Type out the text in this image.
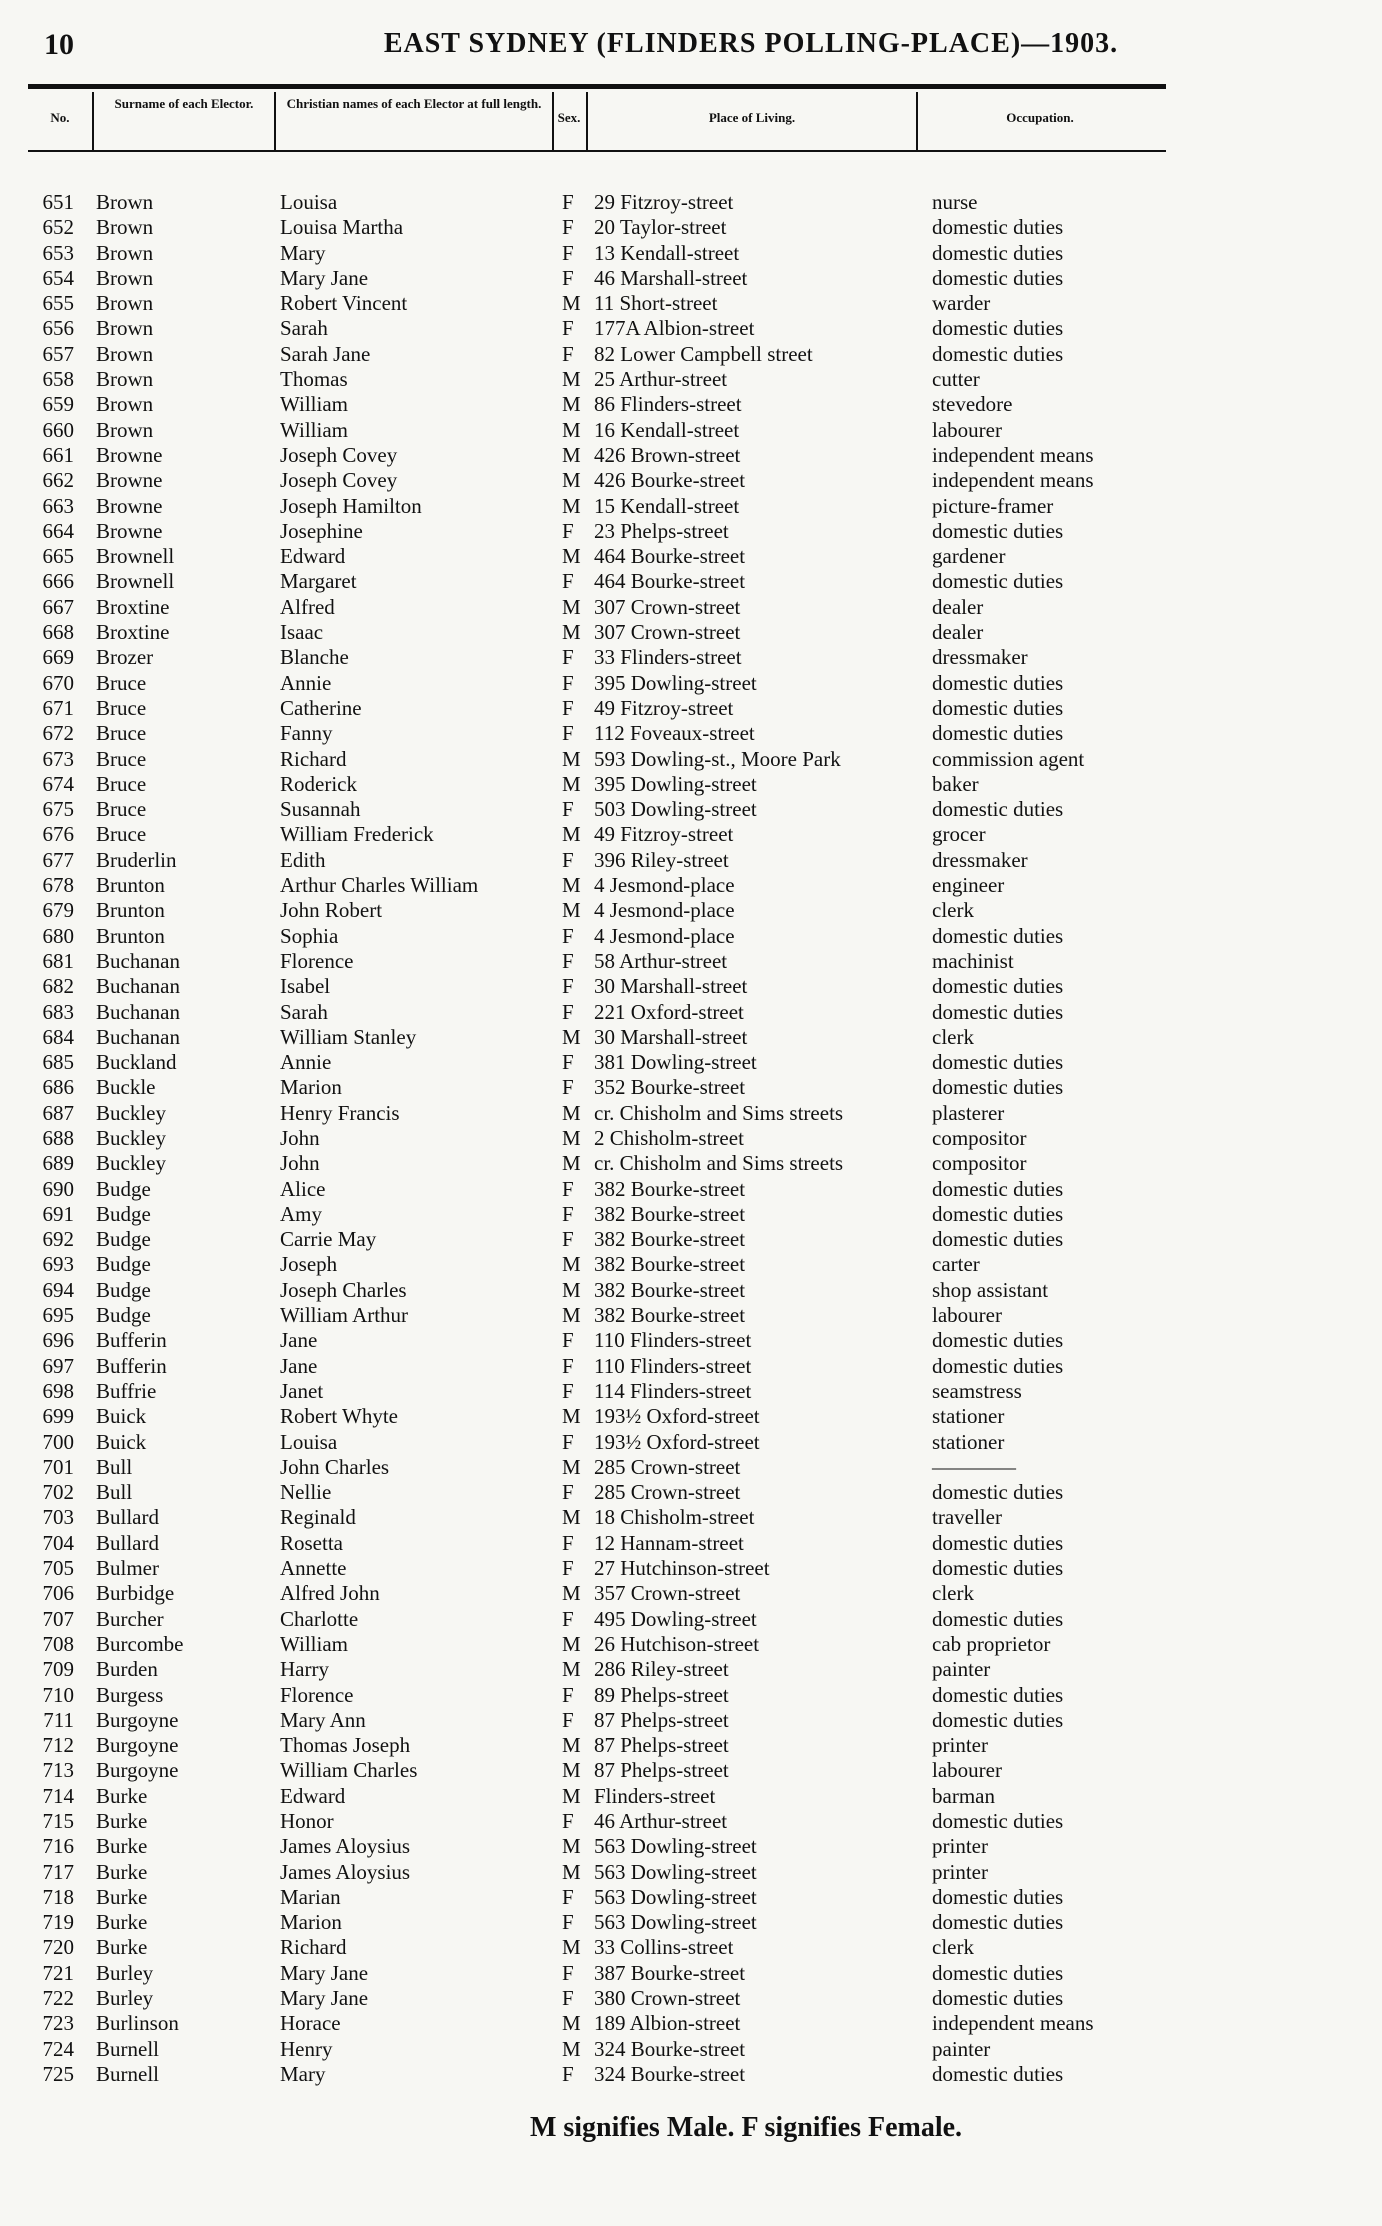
10	EAST SYDNEY (FLINDERS POLLING-PLACE)—1903.
No.
Surname of each Elector.	Christian names of each Elector at full length.
Sex.	Place of Living.	Occupation.
651 Brown	Louisa	F 29 Fitzroy-street	nurse
652 Brown	Louisa Martha	F 20 Taylor-street	domestic duties
653 Brown	Mary	F 13 Kendall-street	domestic duties
654 Brown	Mary Jane	F 46 Marshall-street	domestic duties
655 Brown	Robert Vincent	M 11 Short-street	warder
656 Brown	Sarah	F 177A Albion-street	domestic duties
657 Brown	Sarah Jane	F 82 Lower Campbell street	domestic duties
658 Brown	Thomas	M 25 Arthur-street	cutter
659 Brown	William	M 86 Flinders-street	stevedore
660 Brown	William	M 16 Kendall-street	labourer
661 Browne	Joseph Covey	M 426 Brown-street	independent means
662 Browne	Joseph Covey	M 426 Bourke-street	independent means
663 Browne	Joseph Hamilton	M 15 Kendall-street	picture-framer
664 Browne	Josephine	F 23 Phelps-street	domestic duties
665 Brownell	Edward	M 464 Bourke-street	gardener
666 Brownell	Margaret	F 464 Bourke-street	domestic duties
667 Broxtine	Alfred	M 307 Crown-street	dealer
668 Broxtine	Isaac	M 307 Crown-street	dealer
669 Brozer	Blanche	F 33 Flinders-street	dressmaker
670 Bruce	Annie	F 395 Dowling-street	domestic duties
671 Bruce	Catherine	F 49 Fitzroy-street	domestic duties
672 Bruce	Fanny	F 112 Foveaux-street	domestic duties
673 Bruce	Richard	M 593 Dowling-st., Moore Park	commission agent
674 Bruce	Roderick	M 395 Dowling-street	baker
675 Bruce	Susannah	F 503 Dowling-street	domestic duties
676 Bruce	William Frederick	M 49 Fitzroy-street	grocer
677 Bruderlin	Edith	F 396 Riley-street	dressmaker
678 Brunton	Arthur Charles William	M 4 Jesmond-place	engineer
679 Brunton	John Robert	M 4 Jesmond-place	clerk
680 Brunton	Sophia	F 4 Jesmond-place	domestic duties
681 Buchanan	Florence	F 58 Arthur-street	machinist
682 Buchanan	Isabel	F 30 Marshall-street	domestic duties
683 Buchanan	Sarah	F 221 Oxford-street	domestic duties
684 Buchanan	William Stanley	M 30 Marshall-street	clerk
685 Buckland	Annie	F 381 Dowling-street	domestic duties
686 Buckle	Marion	F 352 Bourke-street	domestic duties
687 Buckley	Henry Francis	M cr. Chisholm and Sims streets	plasterer
688 Buckley	John	M 2 Chisholm-street	compositor
689 Buckley	John	M cr. Chisholm and Sims streets	compositor
690 Budge	Alice	F 382 Bourke-street	domestic duties
691 Budge	Amy	F 382 Bourke-street	domestic duties
692 Budge	Carrie May	F 382 Bourke-street	domestic duties
693 Budge	Joseph	M 382 Bourke-street	carter
694 Budge	Joseph Charles	M 382 Bourke-street	shop assistant
695 Budge	William Arthur	M 382 Bourke-street	labourer
696 Bufferin	Jane	F 110 Flinders-street	domestic duties
697 Bufferin	Jane	F 110 Flinders-street	domestic duties
698 Buffrie	Janet	F 114 Flinders-street	seamstress
699 Buick	Robert Whyte	M 193½ Oxford-street	stationer
700 Buick	Louisa	F 193½ Oxford-street	stationer
701 Bull	John Charles	M 285 Crown-street	————
702 Bull	Nellie	F 285 Crown-street	domestic duties
703 Bullard	Reginald	M 18 Chisholm-street	traveller
704 Bullard	Rosetta	F 12 Hannam-street	domestic duties
705 Bulmer	Annette	F 27 Hutchinson-street	domestic duties
706 Burbidge	Alfred John	M 357 Crown-street	clerk
707 Burcher	Charlotte	F 495 Dowling-street	domestic duties
708 Burcombe	William	M 26 Hutchison-street	cab proprietor
709 Burden	Harry	M 286 Riley-street	painter
710 Burgess	Florence	F 89 Phelps-street	domestic duties
711 Burgoyne	Mary Ann	F 87 Phelps-street	domestic duties
712 Burgoyne	Thomas Joseph	M 87 Phelps-street	printer
713 Burgoyne	William Charles	M 87 Phelps-street	labourer
714 Burke	Edward	M Flinders-street	barman
715 Burke	Honor	F 46 Arthur-street	domestic duties
716 Burke	James Aloysius	M 563 Dowling-street	printer
717 Burke	James Aloysius	M 563 Dowling-street	printer
718 Burke	Marian	F 563 Dowling-street	domestic duties
719 Burke	Marion	F 563 Dowling-street	domestic duties
720 Burke	Richard	M 33 Collins-street	clerk
721 Burley	Mary Jane	F 387 Bourke-street	domestic duties
722 Burley	Mary Jane	F 380 Crown-street	domestic duties
723 Burlinson	Horace	M 189 Albion-street	independent means
724 Burnell	Henry	M 324 Bourke-street	painter
725 Burnell	Mary	F 324 Bourke-street	domestic duties
M signifies Male. F signifies Female.
